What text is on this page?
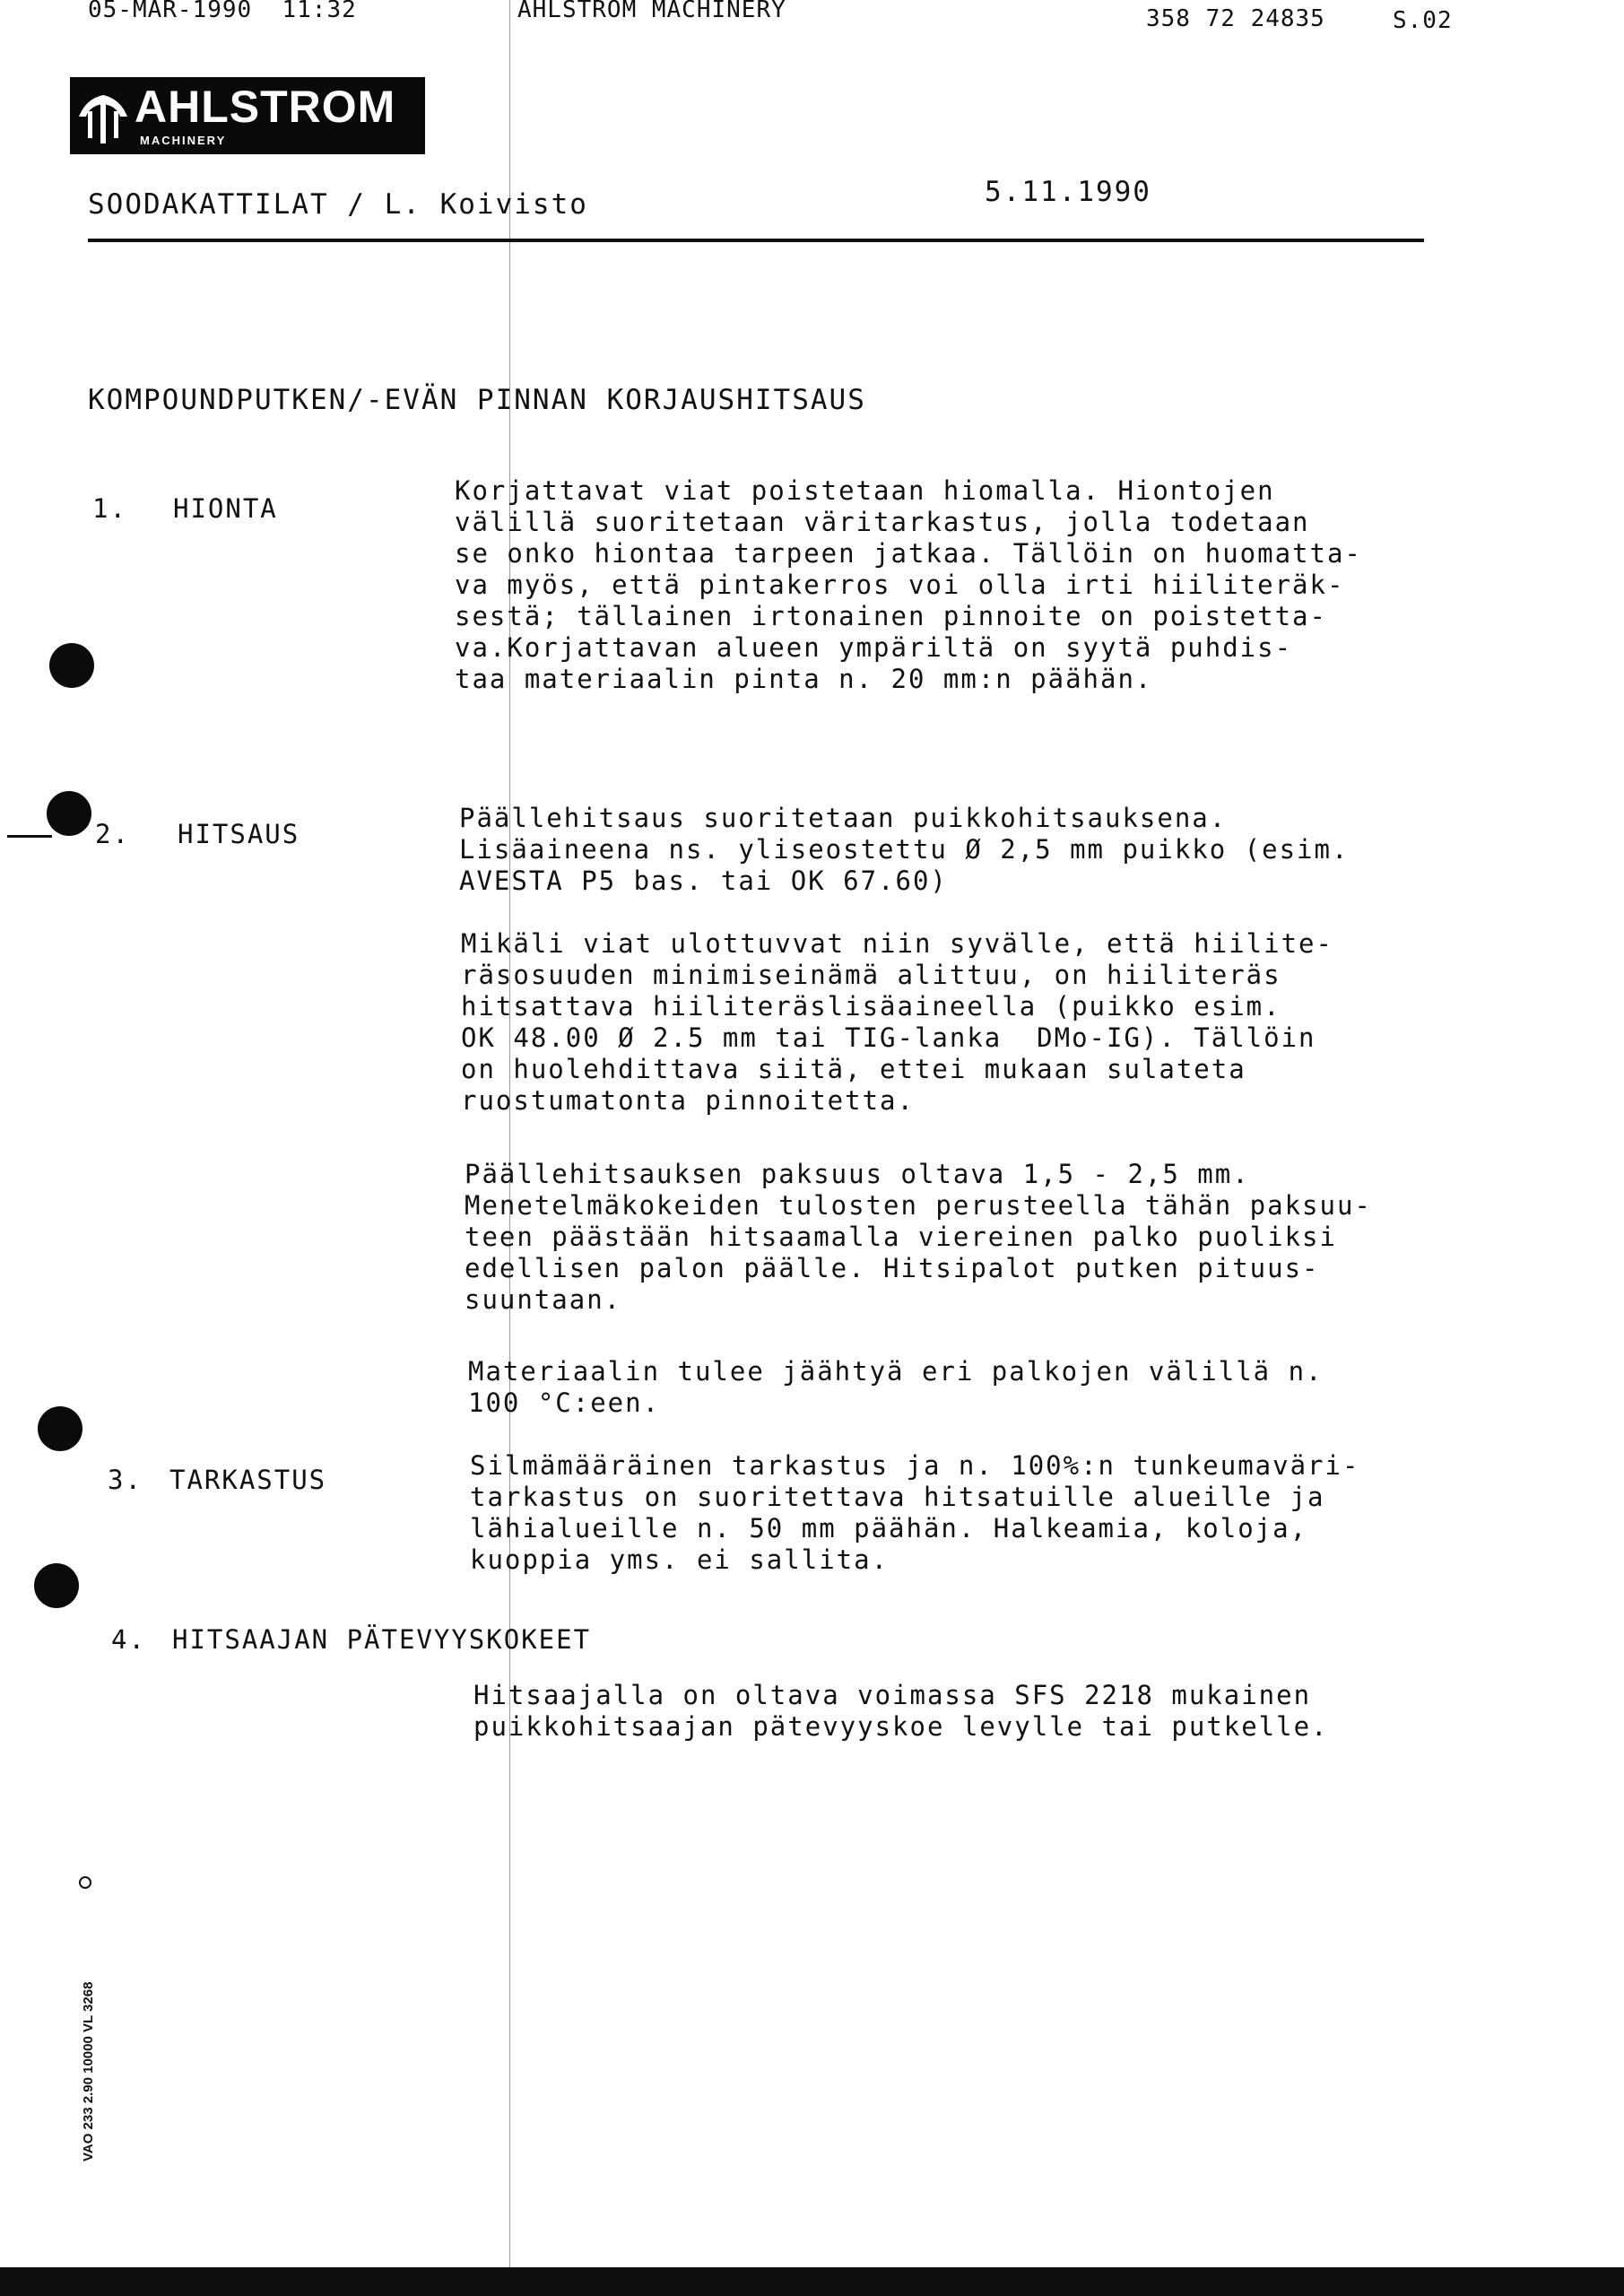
05-MAR-1990  11:32	AHLSTROM MACHINERY	358 72 24835	S.02
AHLSTROM
MACHINERY
SOODAKATTILAT / L. Koivisto	5.11.1990
KOMPOUNDPUTKEN/-EVÄN PINNAN KORJAUSHITSAUS
1. HIONTA
Korjattavat viat poistetaan hiomalla. Hiontojen
välillä suoritetaan väritarkastus, jolla todetaan
se onko hiontaa tarpeen jatkaa. Tällöin on huomatta-
va myös, että pintakerros voi olla irti hiiliteräk-
sestä; tällainen irtonainen pinnoite on poistetta-
va.Korjattavan alueen ympäriltä on syytä puhdis-
taa materiaalin pinta n. 20 mm:n päähän.
2. HITSAUS
Päällehitsaus suoritetaan puikkohitsauksena.
Lisäaineena ns. yliseostettu Ø 2,5 mm puikko (esim.
AVESTA P5 bas. tai OK 67.60)
Mikäli viat ulottuvvat niin syvälle, että hiilite-
räsosuuden minimiseinämä alittuu, on hiiliteräs
hitsattava hiiliteräslisäaineella (puikko esim.
OK 48.00 Ø 2.5 mm tai TIG-lanka  DMo-IG). Tällöin
on huolehdittava siitä, ettei mukaan sulateta
ruostumatonta pinnoitetta.
Päällehitsauksen paksuus oltava 1,5 - 2,5 mm.
Menetelmäkokeiden tulosten perusteella tähän paksuu-
teen päästään hitsaamalla viereinen palko puoliksi
edellisen palon päälle. Hitsipalot putken pituus-
suuntaan.
Materiaalin tulee jäähtyä eri palkojen välillä n.
100 °C:een.
3. TARKASTUS	Silmämääräinen tarkastus ja n. 100%:n tunkeumaväri-
tarkastus on suoritettava hitsatuille alueille ja
lähialueille n. 50 mm päähän. Halkeamia, koloja,
kuoppia yms. ei sallita.
4. HITSAAJAN PÄTEVYYSKOKEET
Hitsaajalla on oltava voimassa SFS 2218 mukainen
puikkohitsaajan pätevyyskoe levylle tai putkelle.
VAO 233 2.90 10000 VL 3268
